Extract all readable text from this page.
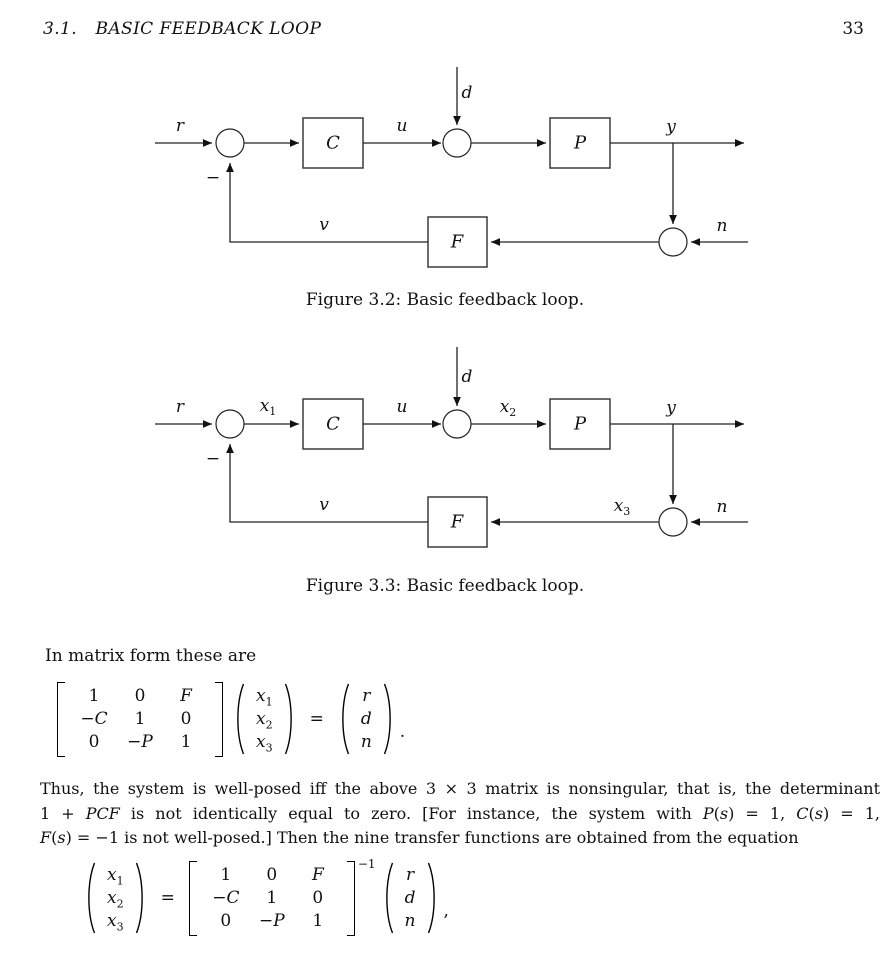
3.1. BASIC FEEDBACK LOOP	33
r	u
d
y
v	n
−
C	P
F
Figure 3.2: Basic feedback loop.
r	$x_1$	u
d
$x_2$	y
v	$x_3$	n
−
C	P
F
Figure 3.3: Basic feedback loop.
In matrix form these are
1	0	F
−C	1	0
0	−P	1
$x_1$
$x_2$
$x_3$
=
r
d
n .
Thus, the system is well-posed iff the above 3 × 3 matrix is nonsingular, that is, the determinant
1 + PCF is not identically equal to zero. [For instance, the system with P(s) = 1, C(s) = 1,
F(s) = −1 is not well-posed.] Then the nine transfer functions are obtained from the equation
$x_1$
$x_2$
$x_3$
=
1	0	F
−C	1	0
0	−P	1
−1
r
d
n ,
